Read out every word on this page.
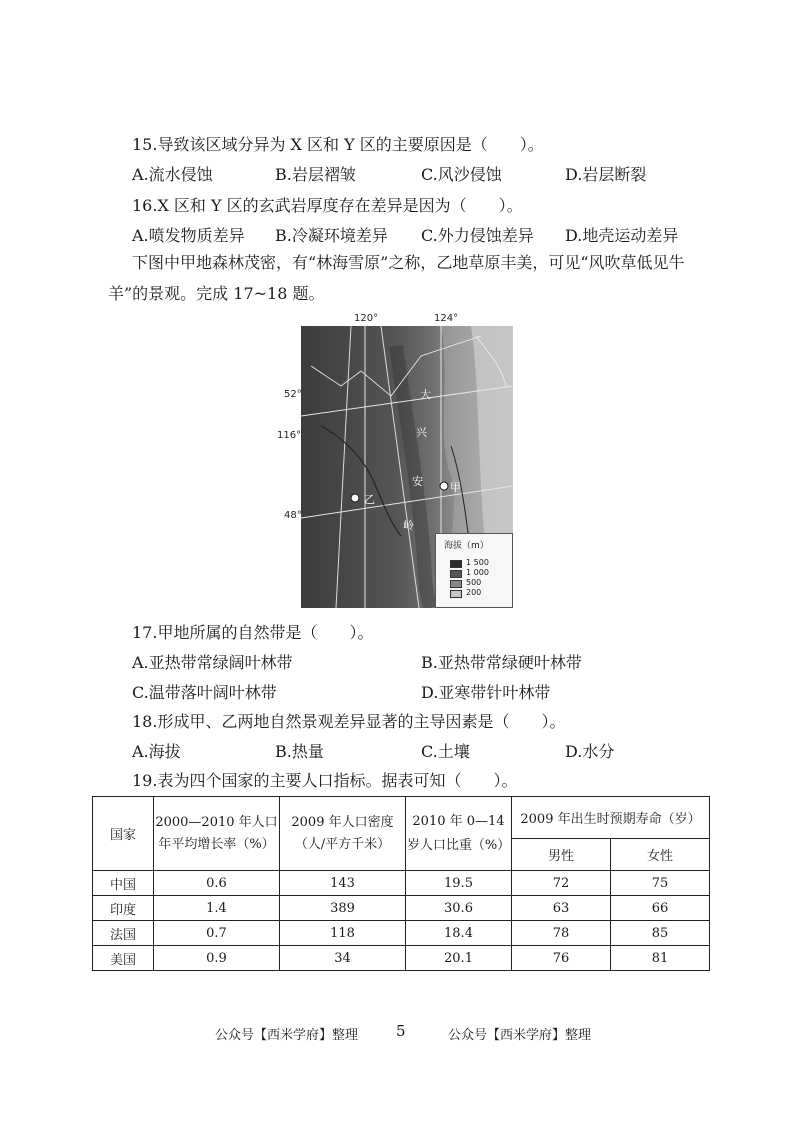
15.导致该区域分异为 X 区和 Y 区的主要原因是（　　）。
A.流水侵蚀	B.岩层褶皱	C.风沙侵蚀	D.岩层断裂
16.X 区和 Y 区的玄武岩厚度存在差异是因为（　　）。
A.喷发物质差异 B.冷凝环境差异 C.外力侵蚀差异 D.地壳运动差异
下图中甲地森林茂密，有“林海雪原”之称，乙地草原丰美，可见“风吹草低见牛羊”的景观。完成 17~18 题。
120°	124°
52°
116°
48°
大
兴
安
岭
甲
乙
海拔（m）
1 500
1 000
500
200
17.甲地所属的自然带是（　　）。
A.亚热带常绿阔叶林带	B.亚热带常绿硬叶林带
C.温带落叶阔叶林带	D.亚寒带针叶林带
18.形成甲、乙两地自然景观差异显著的主导因素是（　　）。
A.海拔	B.热量	C.土壤	D.水分
19.表为四个国家的主要人口指标。据表可知（　　）。
国家	2000—2010 年人口年平均增长率（%）	2009 年人口密度（人/平方千米）	2010 年 0—14 岁人口比重（%）	2009 年出生时预期寿命（岁）	
				男性	女性
中国	0.6	143	19.5	72	75
印度	1.4	389	30.6	63	66
法国	0.7	118	18.4	78	85
美国	0.9	34	20.1	76	81
公众号【西米学府】整理	5	公众号【西米学府】整理
